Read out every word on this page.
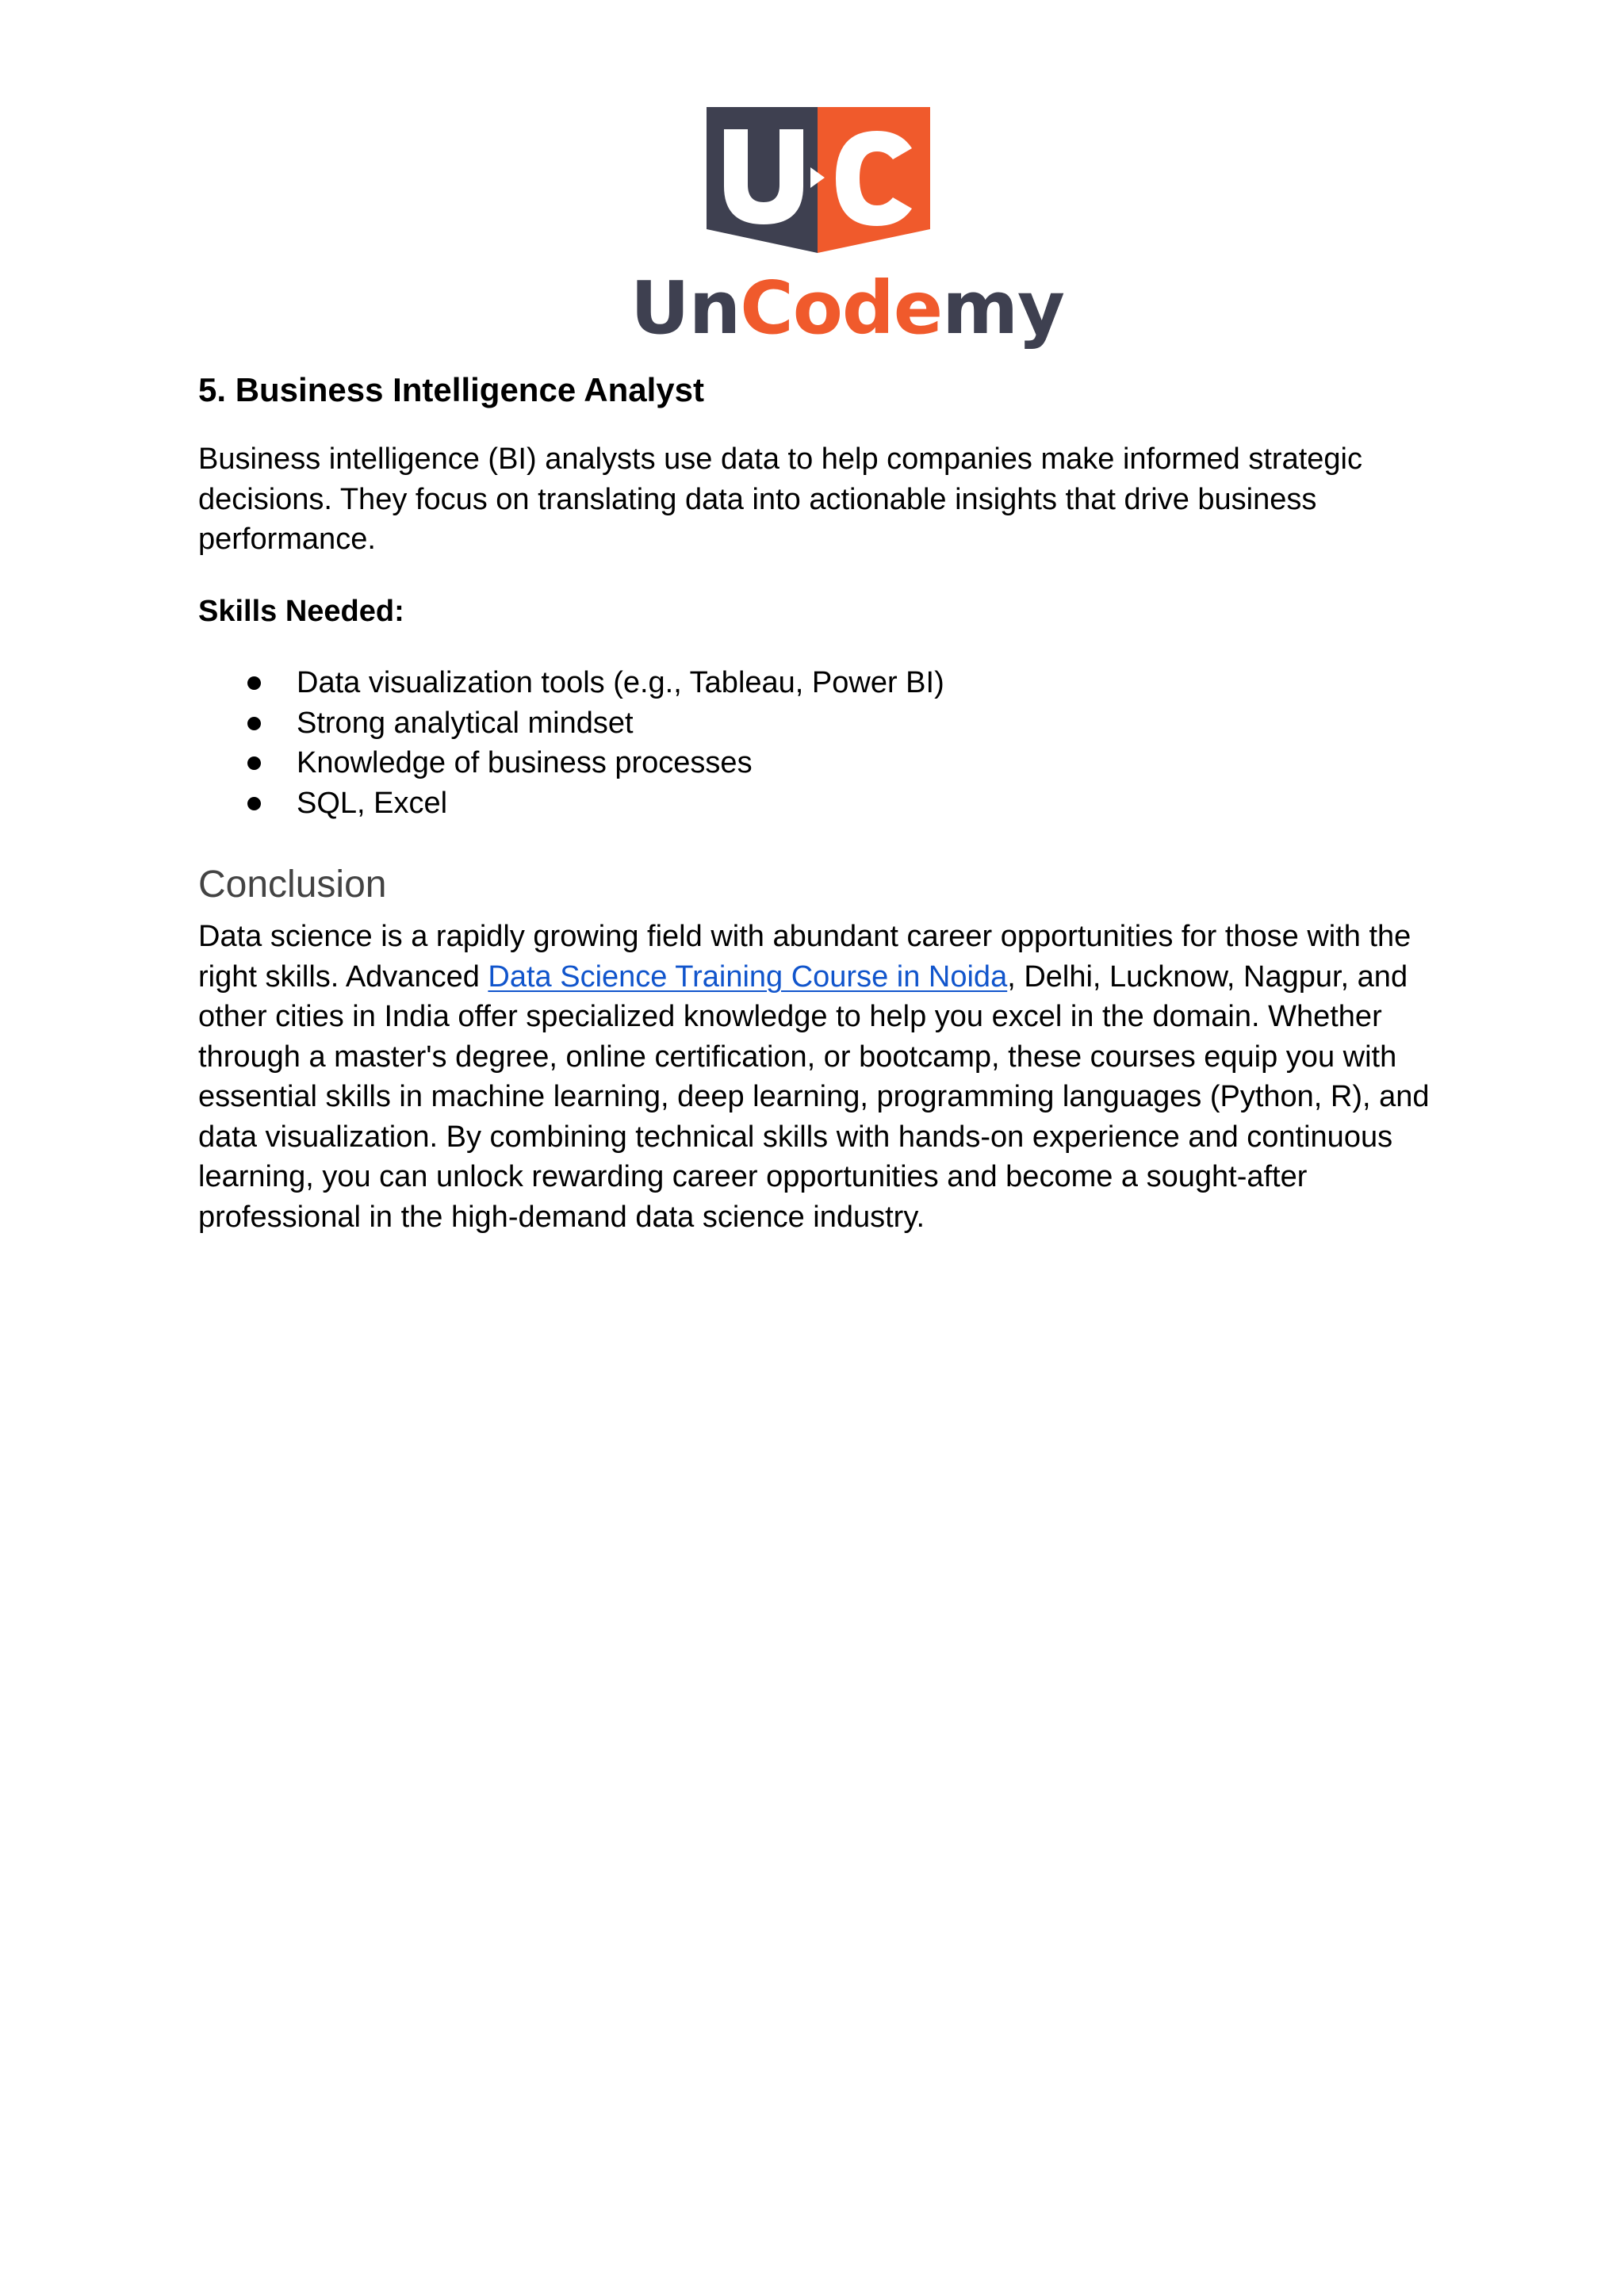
UnCodemy
5. Business Intelligence Analyst

Business intelligence (BI) analysts use data to help companies make informed strategic decisions. They focus on translating data into actionable insights that drive business performance.

Skills Needed:

Data visualization tools (e.g., Tableau, Power BI)
Strong analytical mindset
Knowledge of business processes
SQL, Excel
Conclusion

Data science is a rapidly growing field with abundant career opportunities for those with the right skills. Advanced Data Science Training Course in Noida, Delhi, Lucknow, Nagpur, and other cities in India offer specialized knowledge to help you excel in the domain. Whether through a master's degree, online certification, or bootcamp, these courses equip you with essential skills in machine learning, deep learning, programming languages (Python, R), and data visualization. By combining technical skills with hands-on experience and continuous learning, you can unlock rewarding career opportunities and become a sought-after professional in the high-demand data science industry.
